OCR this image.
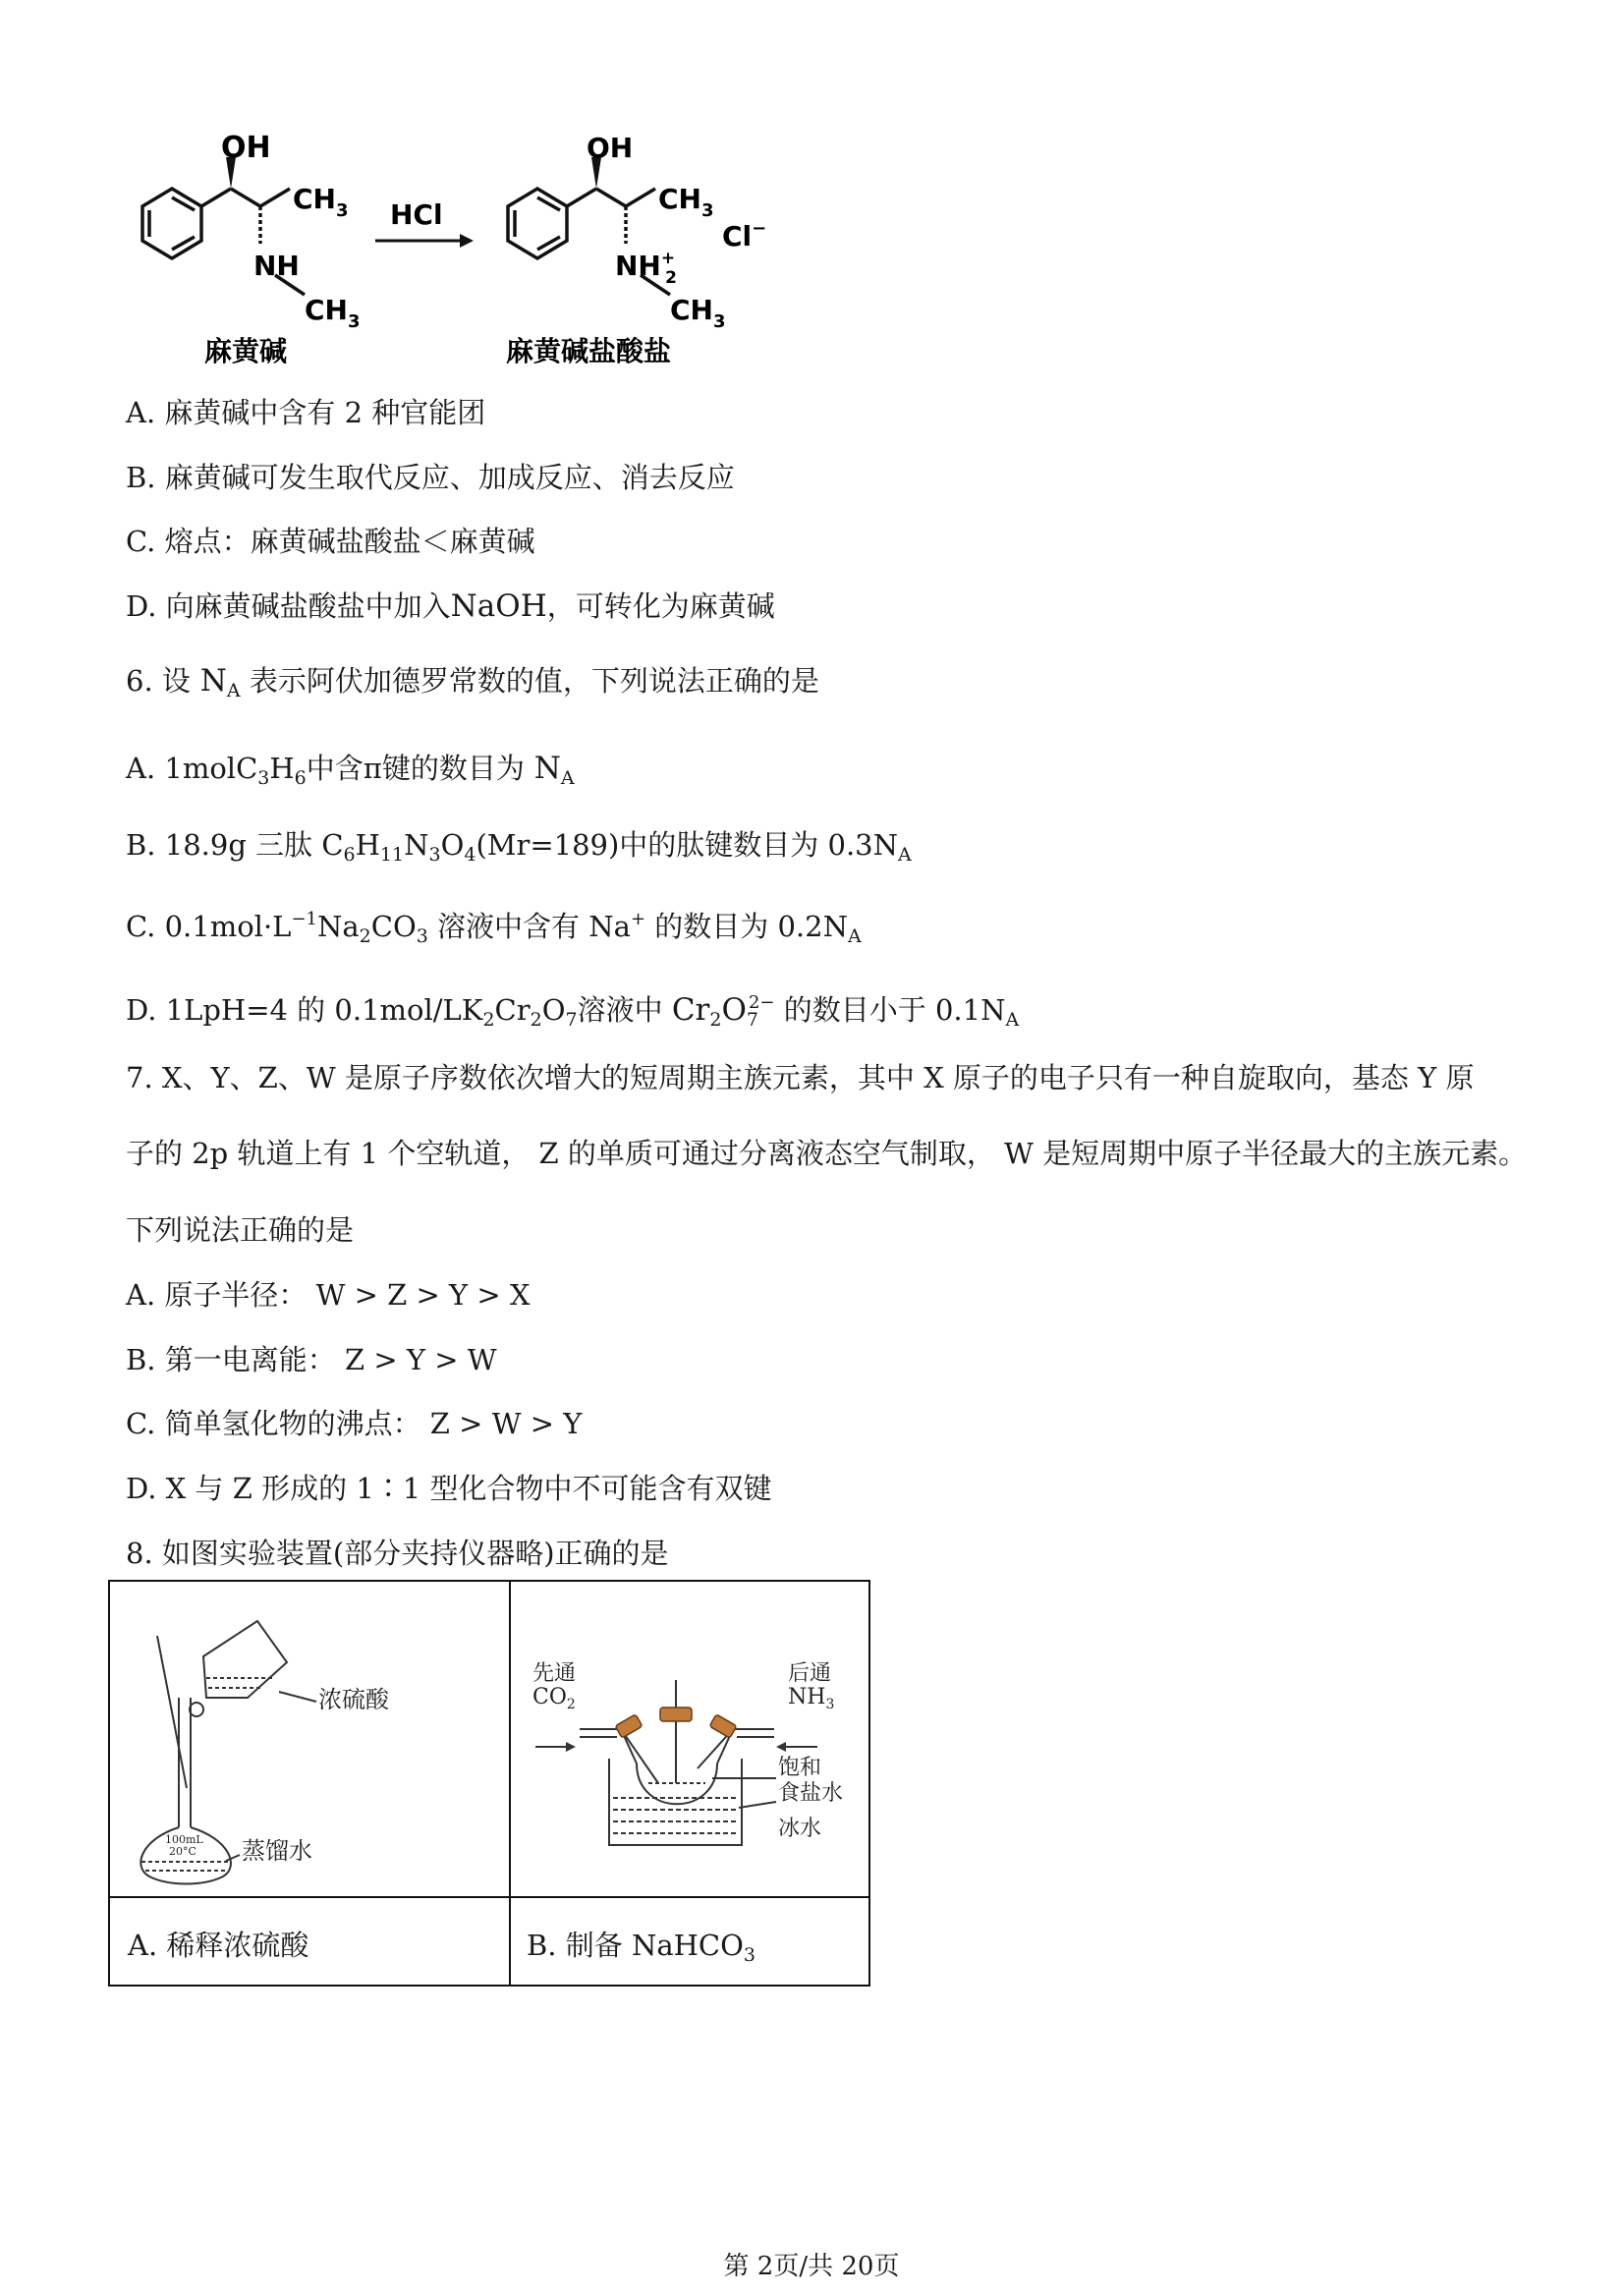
OH
$CH_3$
NH
$CH_3$
麻黄碱
HCl
OH
$CH_3$
NH+ 2
$CH_3$
Cl−
麻黄碱盐酸盐
A. 麻黄碱中含有 2 种官能团
B. 麻黄碱可发生取代反应、加成反应、消去反应
C. 熔点：麻黄碱盐酸盐＜麻黄碱
D. 向麻黄碱盐酸盐中加入NaOH，可转化为麻黄碱
6. 设 $N_A$ 表示阿伏加德罗常数的值，下列说法正确的是
A. $1molC_3H_6$中含π键的数目为 $N_A$
B. 18.9g 三肽 $C_6H_{11}N_3O_4(Mr=189)$中的肽键数目为 $0.3N_A$
C. $0.1mol\cdot L^{-1}Na_2CO_3$ 溶液中含有 Na+ 的数目为 $0.2N_A$
D. 1LpH=4 的 $0.1mol/LK_2Cr_2O_7$溶液中 $Cr_2O_7^{2-}$ 的数目小于 $0.1N_A$
7. X、Y、Z、W 是原子序数依次增大的短周期主族元素，其中 X 原子的电子只有一种自旋取向，基态 Y 原
子的 2p 轨道上有 1 个空轨道， Z 的单质可通过分离液态空气制取， W 是短周期中原子半径最大的主族元素。
下列说法正确的是
A. 原子半径： W > Z > Y > X
B. 第一电离能： Z > Y > W
C. 简单氢化物的沸点： Z > W > Y
D. X 与 Z 形成的 1∶1 型化合物中不可能含有双键
8. 如图实验装置(部分夹持仪器略)正确的是
浓硫酸
蒸馏水
100mL
20°C
先通
$CO_2$
后通
$NH_3$
饱和
食盐水
冰水
A. 稀释浓硫酸	B. 制备 NaHCO$_3$
第 2页/共 20页
